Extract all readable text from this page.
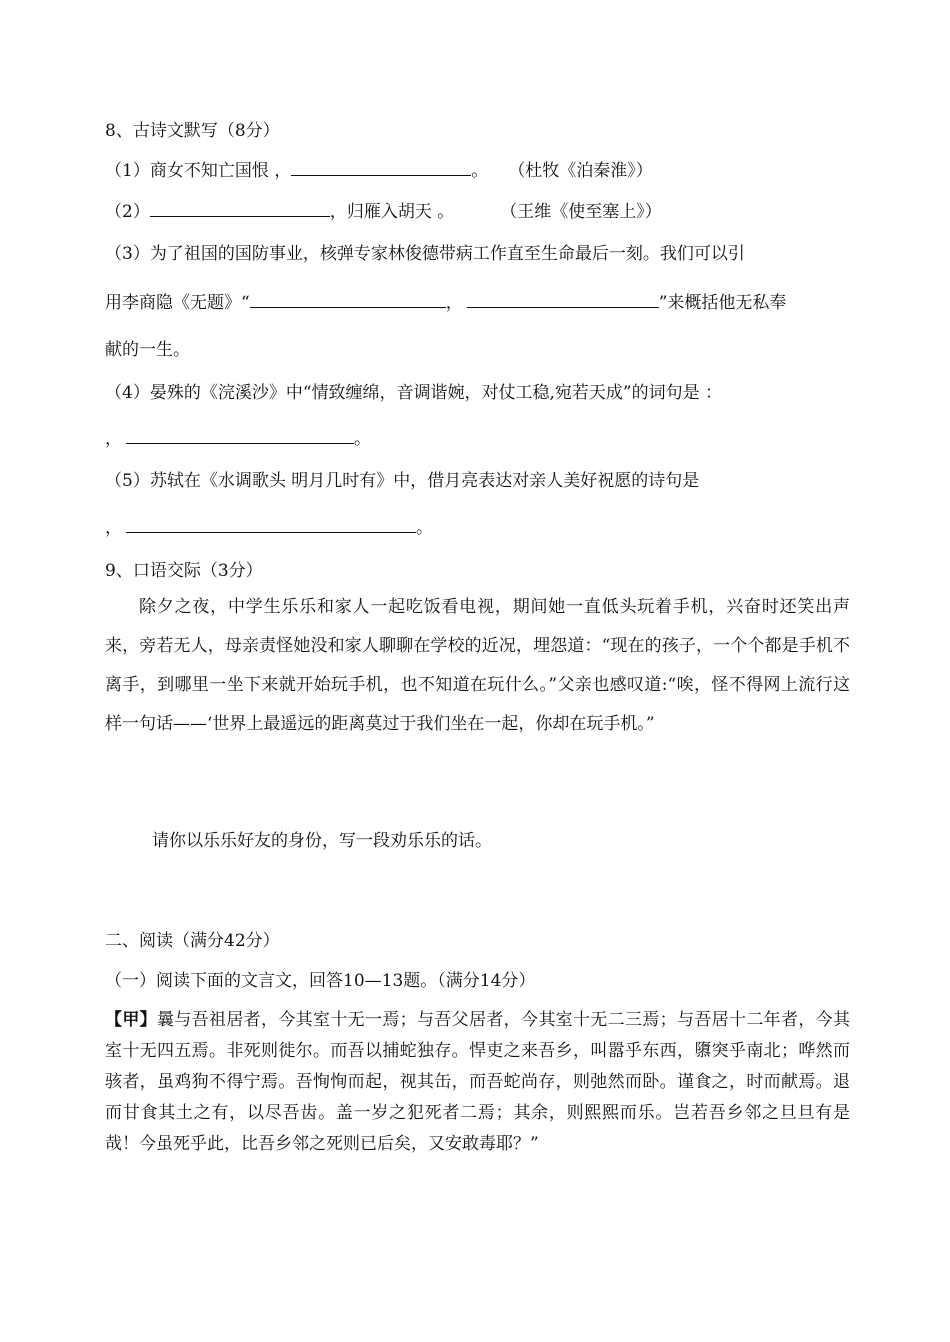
8、古诗文默写（8分）
（1）商女不知亡国恨 ，	。 （杜牧《泊秦淮》）
（2）	，归雁入胡天 。	（王维《使至塞上》）
（3）为了祖国的国防事业，核弹专家林俊德带病工作直至生命最后一刻。我们可以引
用李商隐《无题》“	，	”来概括他无私奉
献的一生。
（4）晏殊的《浣溪沙》中“情致缠绵，音调谐婉，对仗工稳,宛若天成”的词句是 ：
，	。
（5）苏轼在《水调歌头 明月几时有》中，借月亮表达对亲人美好祝愿的诗句是
，	。
9、口语交际（3分）
除夕之夜，中学生乐乐和家人一起吃饭看电视，期间她一直低头玩着手机，兴奋时还笑出声来，旁若无人，母亲责怪她没和家人聊聊在学校的近况，埋怨道：“现在的孩子，一个个都是手机不离手，到哪里一坐下来就开始玩手机，也不知道在玩什么。”父亲也感叹道:“唉，怪不得网上流行这样一句话——‘世界上最遥远的距离莫过于我们坐在一起，你却在玩手机。”
请你以乐乐好友的身份，写一段劝乐乐的话。
二、阅读（满分42分）
（一）阅读下面的文言文，回答10—13题。（满分14分）
【甲】曩与吾祖居者，今其室十无一焉；与吾父居者，今其室十无二三焉；与吾居十二年者，今其室十无四五焉。非死则徙尔。而吾以捕蛇独存。悍吏之来吾乡，叫嚣乎东西，隳突乎南北；哗然而骇者，虽鸡狗不得宁焉。吾恂恂而起，视其缶，而吾蛇尚存，则弛然而卧。谨食之，时而献焉。退而甘食其土之有，以尽吾齿。盖一岁之犯死者二焉；其余，则熙熙而乐。岂若吾乡邻之旦旦有是哉！今虽死乎此，比吾乡邻之死则已后矣，又安敢毒耶？”
